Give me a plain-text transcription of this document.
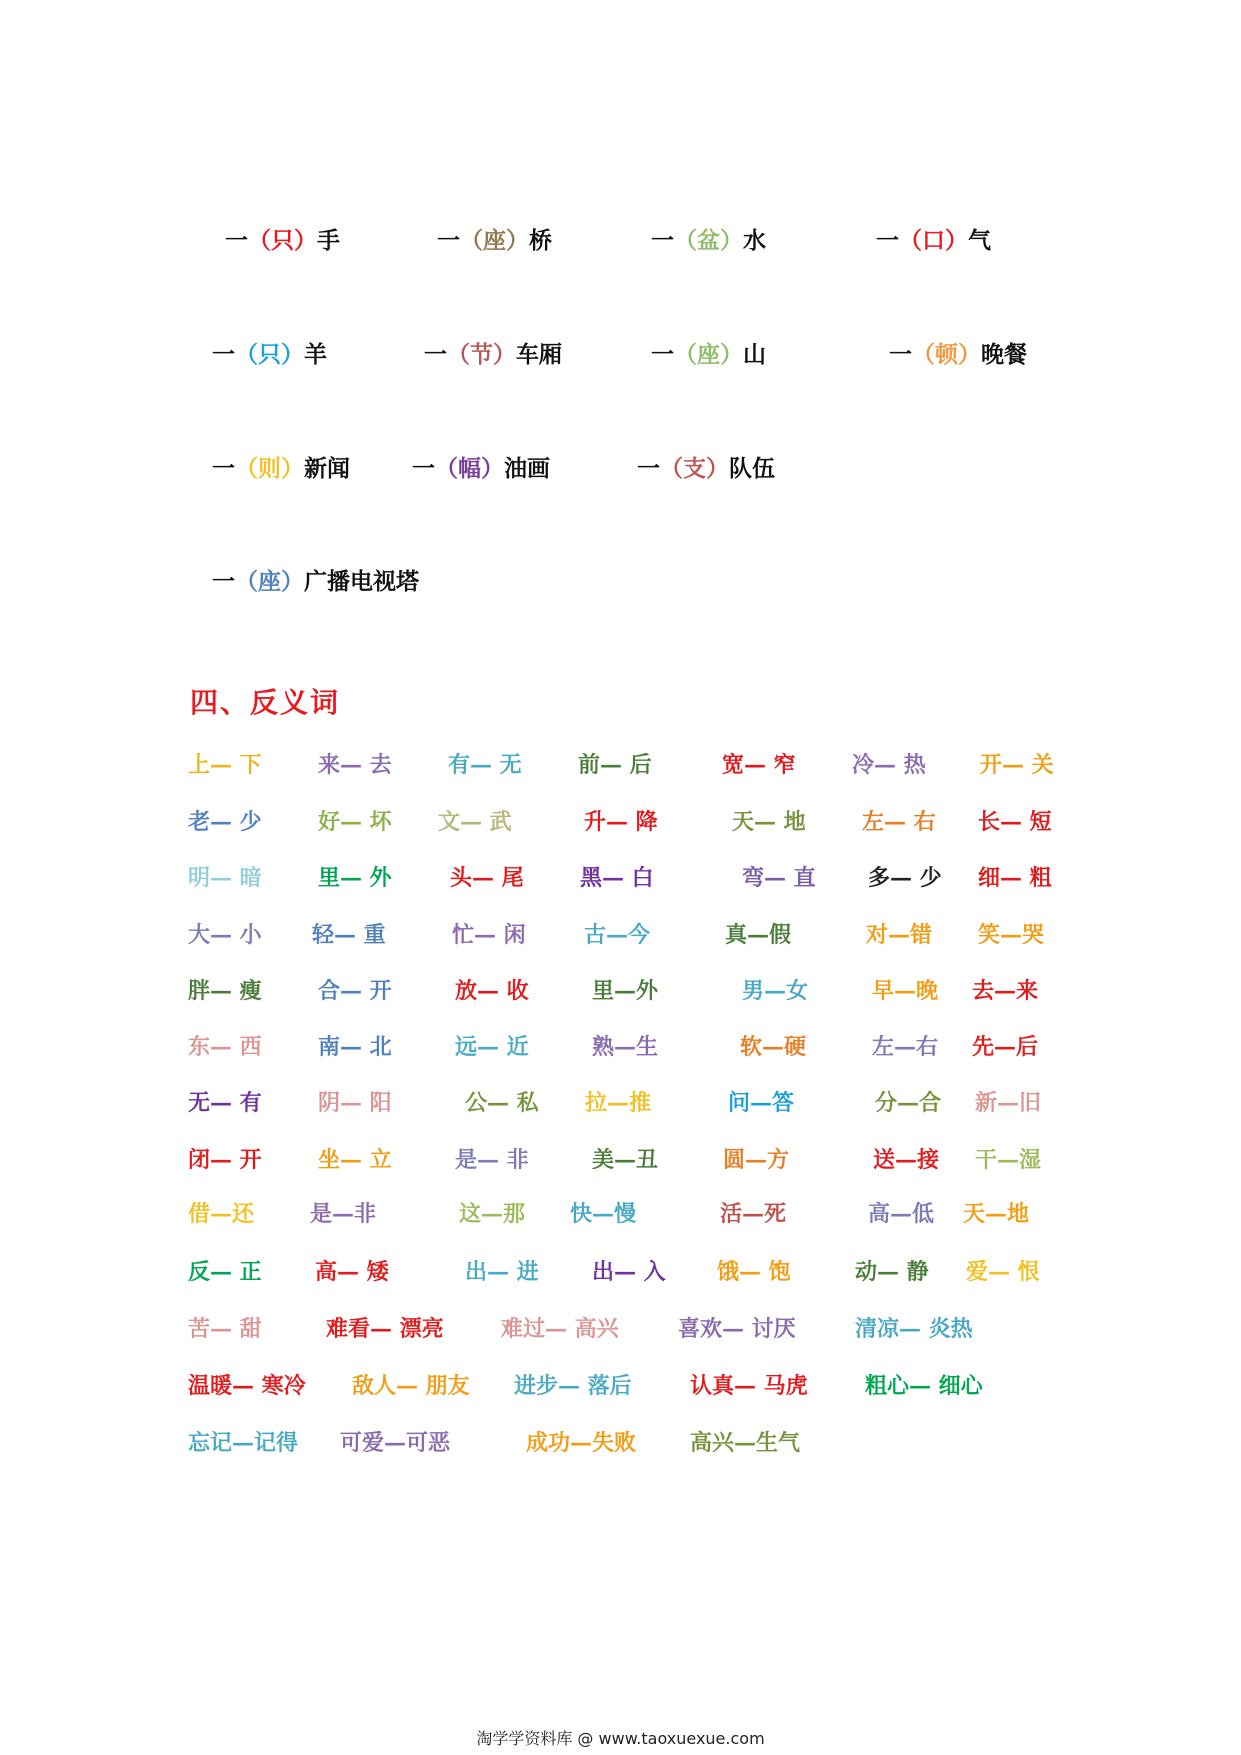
一（只）手	一（座）桥	一（盆）水	一（口）气
一（只）羊	一（节）车厢	一（座）山	一（顿）晚餐
一（则）新闻	一（幅）油画	一（支）队伍
一（座）广播电视塔
四、反义词
上— 下	来— 去	有— 无	前— 后	宽— 窄	冷— 热 开— 关
老— 少	好— 坏 文— 武	升— 降	天— 地	左— 右 长— 短
明— 暗	里— 外	头— 尾	黑— 白	弯— 直 多— 少 细— 粗
大— 小 轻— 重	忙— 闲	古—今	真—假	对—错 笑—哭
胖— 瘦	合— 开	放— 收	里—外	男—女	早—晚 去—来
东— 西	南— 北	远— 近	熟—生	软—硬	左—右 先—后
无— 有	阴— 阳	公— 私 拉—推	问—答	分—合 新—旧
闭— 开	坐— 立	是— 非	美—丑	圆—方	送—接 干—湿
借—还	是—非	这—那 快—慢	活—死	高—低 天—地
反— 正 高— 矮	出— 进 出— 入 饿— 饱	动— 静 爱— 恨
苦— 甜	难看— 漂亮	难过— 高兴	喜欢— 讨厌	清凉— 炎热
温暖— 寒冷 敌人— 朋友 进步— 落后	认真— 马虎	粗心— 细心
忘记—记得 可爱—可恶	成功—失败 高兴—生气
淘学学资料库 @ www.taoxuexue.com
